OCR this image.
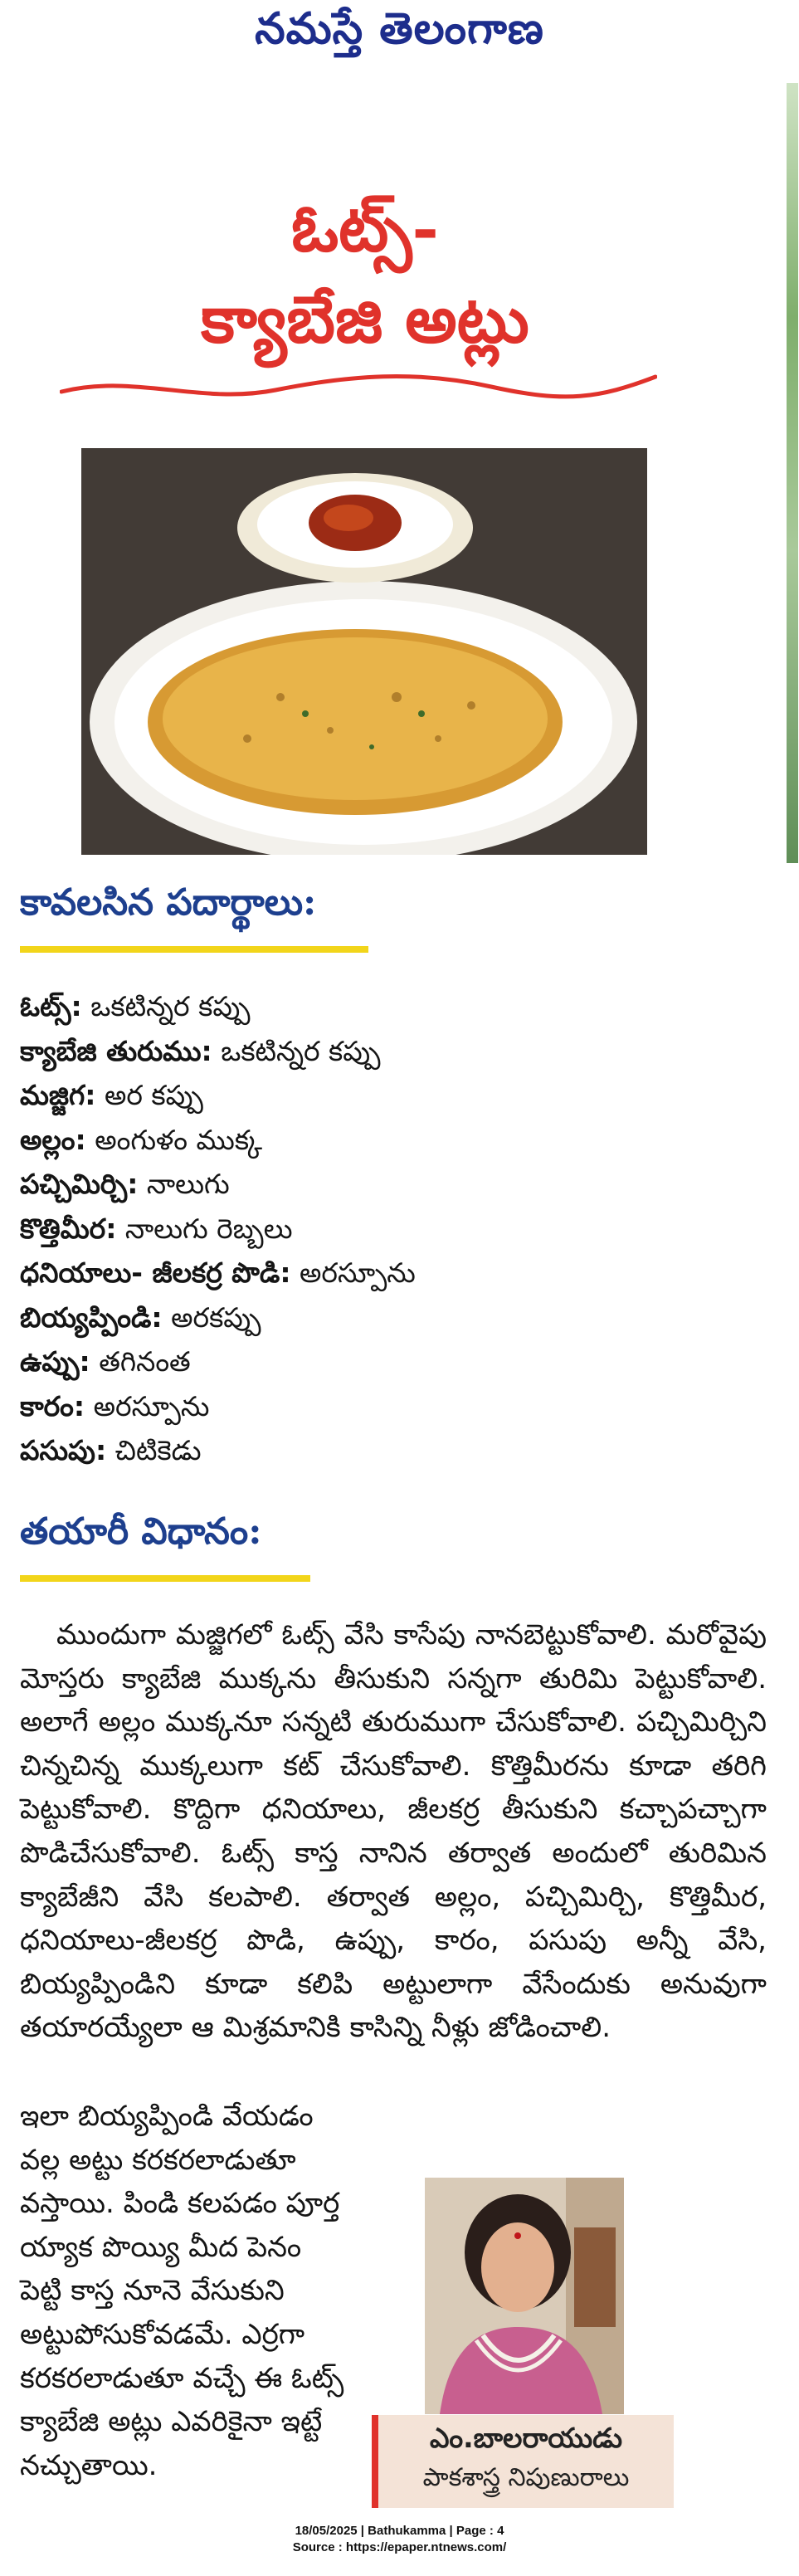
నమస్తే తెలంగాణ
ఓట్స్-
క్యాబేజి అట్లు
కావలసిన పదార్థాలు:
ఓట్స్: ఒకటిన్నర కప్పు
క్యాబేజి తురుము: ఒకటిన్నర కప్పు
మజ్జిగ: అర కప్పు
అల్లం: అంగుళం ముక్క
పచ్చిమిర్చి: నాలుగు
కొత్తిమీర: నాలుగు రెబ్బలు
ధనియాలు- జీలకర్ర పొడి: అరస్పూను
బియ్యప్పిండి: అరకప్పు
ఉప్పు: తగినంత
కారం: అరస్పూను
పసుపు: చిటికెడు
తయారీ విధానం:
ముందుగా మజ్జిగలో ఓట్స్ వేసి కాసేపు నానబెట్టుకోవాలి. మరోవైపు మోస్తరు క్యాబేజి ముక్కను తీసుకుని సన్నగా తురిమి పెట్టుకోవాలి. అలాగే అల్లం ముక్కనూ సన్నటి తురుముగా చేసుకోవాలి. పచ్చిమిర్చిని చిన్నచిన్న ముక్కలుగా కట్ చేసుకోవాలి. కొత్తిమీరను కూడా తరిగి పెట్టుకోవాలి. కొద్దిగా ధనియాలు, జీలకర్ర తీసుకుని కచ్చాపచ్చాగా పొడిచేసుకోవాలి. ఓట్స్ కాస్త నానిన తర్వాత అందులో తురిమిన క్యాబేజీని వేసి కలపాలి. తర్వాత అల్లం, పచ్చిమిర్చి, కొత్తిమీర, ధనియాలు-జీలకర్ర పొడి, ఉప్పు, కారం, పసుపు అన్నీ వేసి, బియ్యప్పిండిని కూడా కలిపి అట్టులాగా వేసేందుకు అనువుగా తయారయ్యేలా ఆ మిశ్రమానికి కాసిన్ని నీళ్లు జోడించాలి.
ఇలా బియ్యప్పిండి వేయడం
వల్ల అట్టు కరకరలాడుతూ
వస్తాయి. పిండి కలపడం పూర్త
య్యాక పొయ్యి మీద పెనం
పెట్టి కాస్త నూనె వేసుకుని
అట్టుపోసుకోవడమే. ఎర్రగా
కరకరలాడుతూ వచ్చే ఈ ఓట్స్
క్యాబేజి అట్లు ఎవరికైనా ఇట్టే
నచ్చుతాయి.
ఎం.బాలరాయుడు
పాకశాస్త్ర నిపుణురాలు
18/05/2025 | Bathukamma | Page : 4
Source : https://epaper.ntnews.com/
